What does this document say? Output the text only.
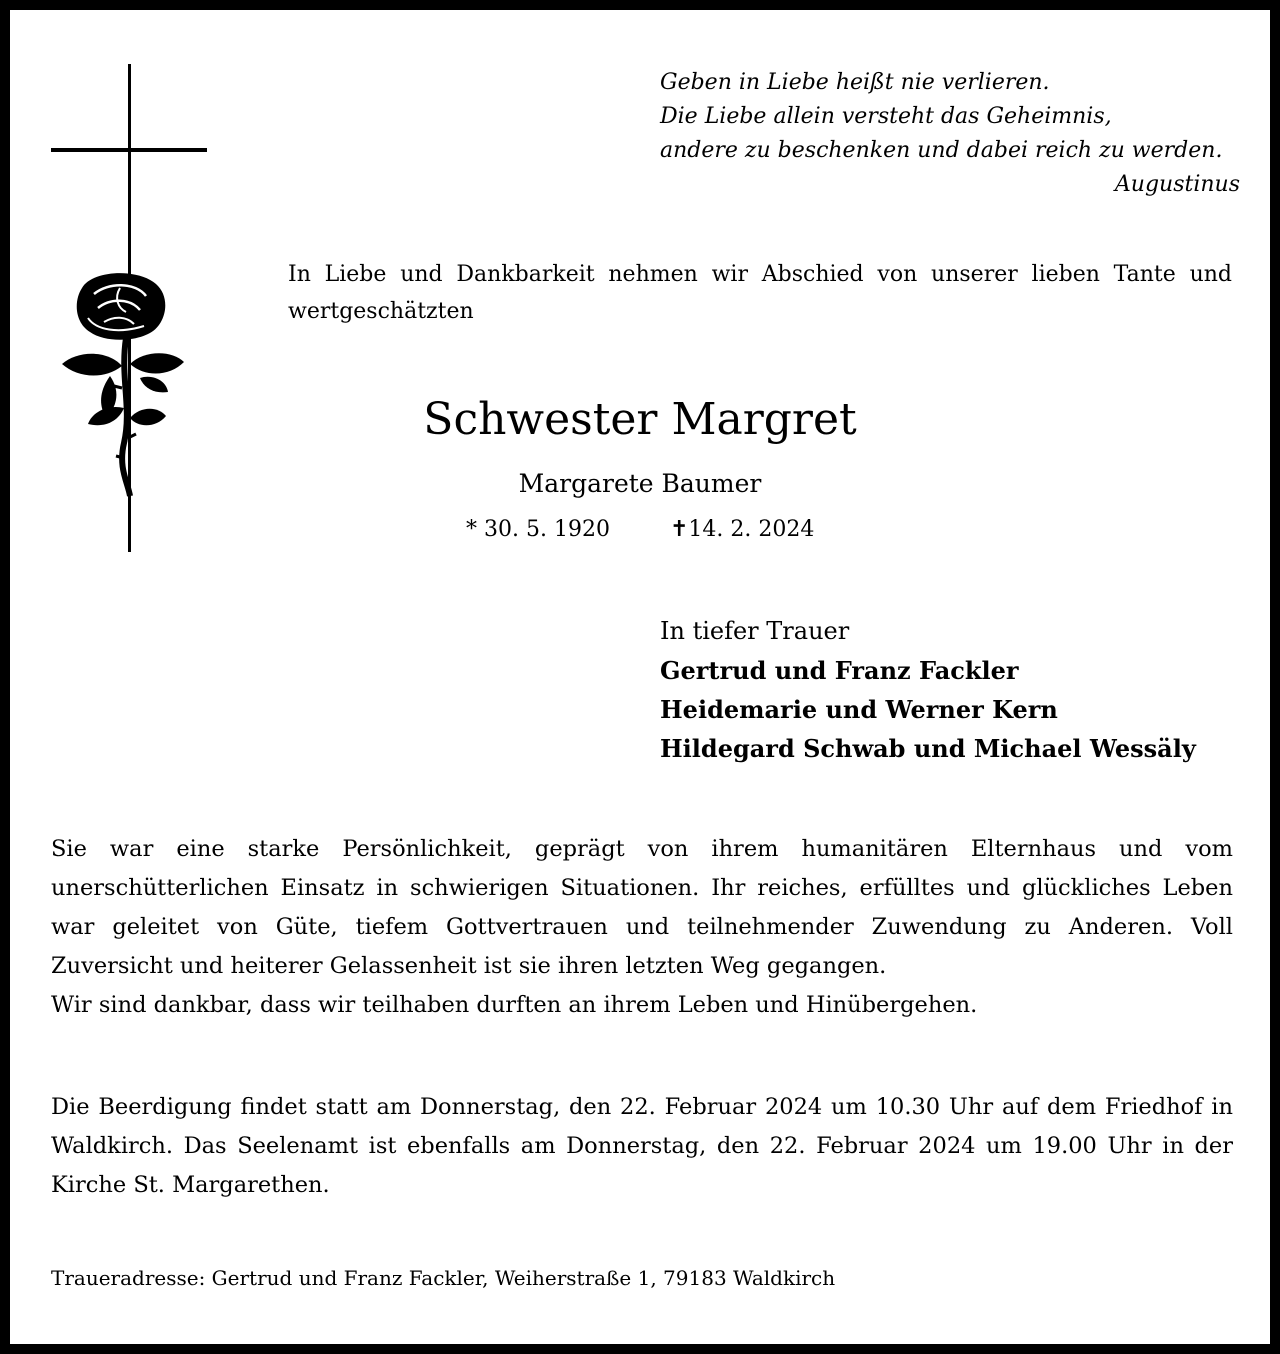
Geben in Liebe heißt nie verlieren.
Die Liebe allein versteht das Geheimnis,
andere zu beschenken und dabei reich zu werden.
Augustinus
In Liebe und Dankbarkeit nehmen wir Abschied von unserer lieben Tante und wertgeschätzten
Schwester Margret
Margarete Baumer
* 30. 5. 1920	✝14. 2. 2024
In tiefer Trauer
Gertrud und Franz Fackler
Heidemarie und Werner Kern
Hildegard Schwab und Michael Wessäly
Sie war eine starke Persönlichkeit, geprägt von ihrem humanitären Elternhaus und vom unerschütterlichen Einsatz in schwierigen Situationen. Ihr reiches, erfülltes und glückliches Leben war geleitet von Güte, tiefem Gottvertrauen und teilnehmender Zuwendung zu Anderen. Voll Zuversicht und heiterer Gelassenheit ist sie ihren letzten Weg gegangen.
Wir sind dankbar, dass wir teilhaben durften an ihrem Leben und Hinübergehen.
Die Beerdigung findet statt am Donnerstag, den 22. Februar 2024 um 10.30 Uhr auf dem Friedhof in Waldkirch. Das Seelenamt ist ebenfalls am Donnerstag, den 22. Februar 2024 um 19.00 Uhr in der Kirche St. Margarethen.
Traueradresse: Gertrud und Franz Fackler, Weiherstraße 1, 79183 Waldkirch
